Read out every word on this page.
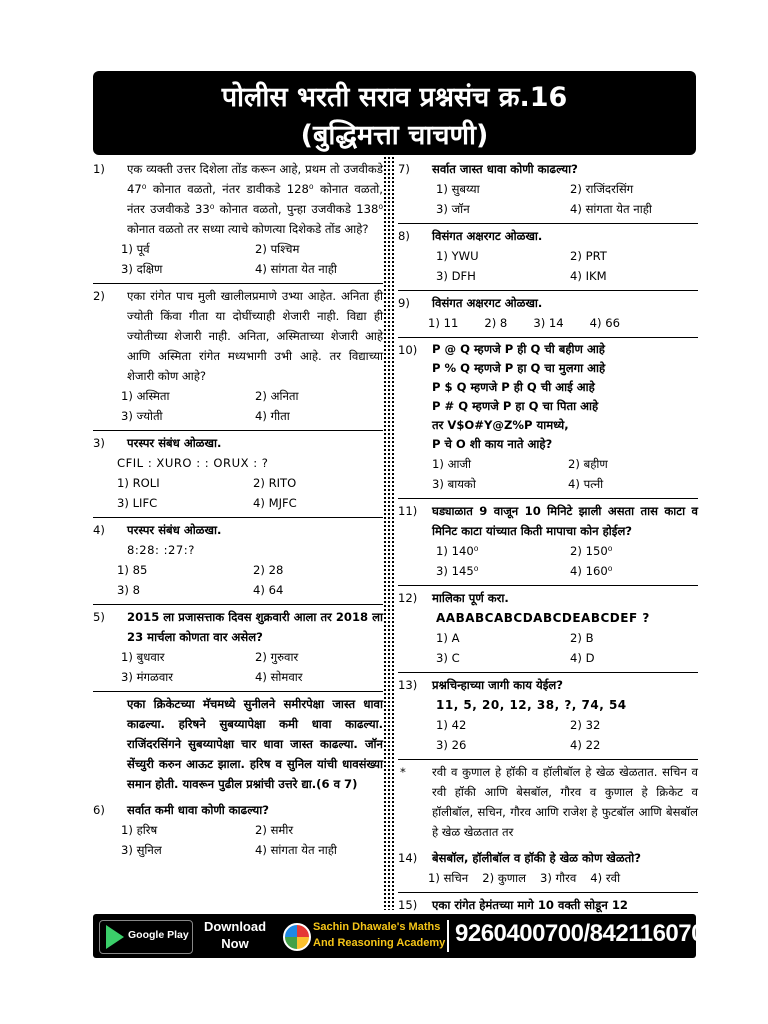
पोलीस भरती सराव प्रश्नसंच क्र.16
(बुद्धिमत्ता चाचणी)
1)	एक व्यक्ती उत्तर दिशेला तोंड करून आहे, प्रथम तो उजवीकडे 47⁰ कोनात वळतो, नंतर डावीकडे 128⁰ कोनात वळतो, नंतर उजवीकडे 33⁰ कोनात वळतो, पुन्हा उजवीकडे 138⁰ कोनात वळतो तर सध्या त्याचे कोणत्या दिशेकडे तोंड आहे?
1) पूर्व	2) पश्चिम
3) दक्षिण	4) सांगता येत नाही
2)	एका रांगेत पाच मुली खालीलप्रमाणे उभ्या आहेत. अनिता ही ज्योती किंवा गीता या दोघींच्याही शेजारी नाही. विद्या ही ज्योतीच्या शेजारी नाही. अनिता, अस्मिताच्या शेजारी आहे आणि अस्मिता रांगेत मध्यभागी उभी आहे. तर विद्याच्या शेजारी कोण आहे?
1) अस्मिता	2) अनिता
3) ज्योती	4) गीता
3)	परस्पर संबंध ओळखा.
CFIL : XURO : : ORUX : ?
1) ROLI	2) RITO
3) LIFC	4) MJFC
4)	परस्पर संबंध ओळखा.
8:28: :27:?
1) 85	2) 28
3) 8	4) 64
5)	2015 ला प्रजासत्ताक दिवस शुक्रवारी आला तर 2018 ला 23 मार्चला कोणता वार असेल?
1) बुधवार	2) गुरुवार
3) मंगळवार	4) सोमवार
एका क्रिकेटच्या मॅचमध्ये सुनीलने समीरपेक्षा जास्त धावा काढल्या. हरिषने सुबय्यापेक्षा कमी धावा काढल्या. राजिंदरसिंगने सुबय्यापेक्षा चार धावा जास्त काढल्या. जॉन सेंच्युरी करुन आऊट झाला. हरिष व सुनिल यांची धावसंख्या समान होती. यावरून पुढील प्रश्नांची उत्तरे द्या.(6 व 7)
6)	सर्वात कमी धावा कोणी काढल्या?
1) हरिष	2) समीर
3) सुनिल	4) सांगता येत नाही
7)	सर्वात जास्त धावा कोणी काढल्या?
1) सुबय्या	2) राजिंदरसिंग
3) जॉन	4) सांगता येत नाही
8)	विसंगत अक्षरगट ओळखा.
1) YWU	2) PRT
3) DFH	4) IKM
9)	विसंगत अक्षरगट ओळखा.
1) 11 2) 8 3) 14 4) 66
10)	P @ Q म्हणजे P ही Q ची बहीण आहे
P % Q म्हणजे P हा Q चा मुलगा आहे
P $ Q म्हणजे P ही Q ची आई आहे
P # Q म्हणजे P हा Q चा पिता आहे
तर V$O#Y@Z%P यामध्ये,
P चे O शी काय नाते आहे?
1) आजी	2) बहीण
3) बायको	4) पत्नी
11)	घड्याळात 9 वाजून 10 मिनिटे झाली असता तास काटा व मिनिट काटा यांच्यात किती मापाचा कोन होईल?
1) 140⁰	2) 150⁰
3) 145⁰	4) 160⁰
12)	मालिका पूर्ण करा.
AABABCABCDABCDEABCDEF ?
1) A	2) B
3) C	4) D
13)	प्रश्नचिन्हाच्या जागी काय येईल?
11, 5, 20, 12, 38, ?, 74, 54
1) 42	2) 32
3) 26	4) 22
* रवी व कुणाल हे हॉकी व हॉलीबॉल हे खेळ खेळतात. सचिन व रवी हॉकी आणि बेसबॉल, गौरव व कुणाल हे क्रिकेट व हॉलीबॉल, सचिन, गौरव आणि राजेश हे फुटबॉल आणि बेसबॉल हे खेळ खेळतात तर
14)	बेसबॉल, हॉलीबॉल व हॉकी हे खेळ कोण खेळतो?
1) सचिन 2) कुणाल 3) गौरव 4) रवी
15)	एका रांगेत हेमंतच्या मागे 10 वक्ती सोडून 12
Google Play
Download
Now
Sachin Dhawale's Maths
And Reasoning Academy 9260400700/8421160703
